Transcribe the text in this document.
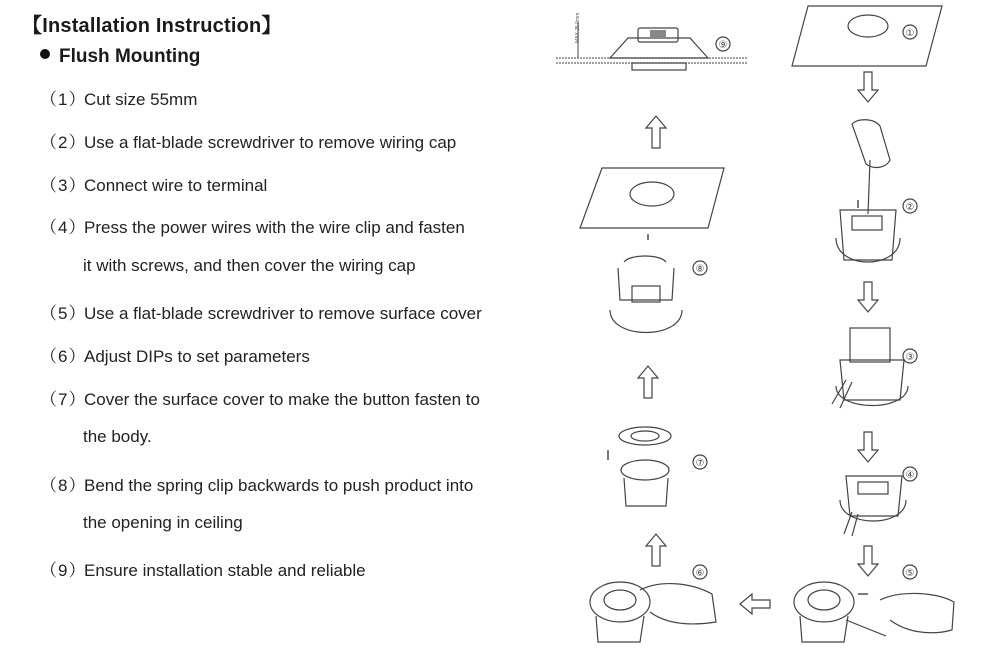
【Installation Instruction】
Flush Mounting
（1）Cut size 55mm
（2）Use a flat-blade screwdriver to remove wiring cap
（3）Connect wire to terminal
（4）Press the power wires with the wire clip and fasten
it with screws, and then cover the wiring cap
（5）Use a flat-blade screwdriver to remove surface cover
（6）Adjust DIPs to set parameters
（7）Cover the surface cover to make the button fasten to
the body.
（8）Bend the spring clip backwards to push product into
the opening in ceiling
（9）Ensure installation stable and reliable
MAX 25.0mm
⑨
①
②
⑧
③
⑦
④
⑥	⑤
